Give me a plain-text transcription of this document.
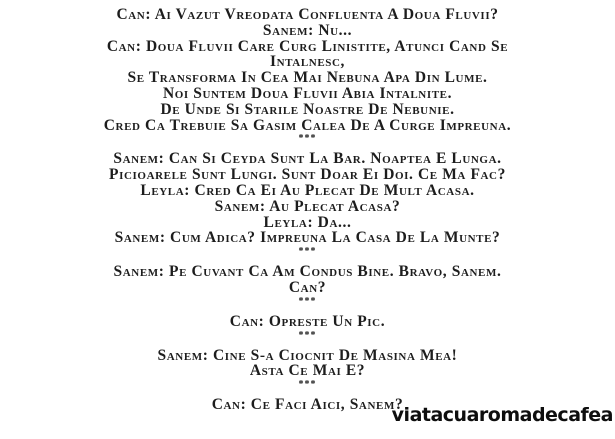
Can: Ai Vazut Vreodata Confluenta A Doua Fluvii?
Sanem: Nu...
Can: Doua Fluvii Care Curg Linistite, Atunci Cand Se
Intalnesc,
Se Transforma In Cea Mai Nebuna Apa Din Lume.
Noi Suntem Doua Fluvii Abia Intalnite.
De Unde Si Starile Noastre De Nebunie.
Cred Ca Trebuie Sa Gasim Calea De A Curge Impreuna.
***
Sanem: Can Si Ceyda Sunt La Bar. Noaptea E Lunga.
Picioarele Sunt Lungi. Sunt Doar Ei Doi. Ce Ma Fac?
Leyla: Cred Ca Ei Au Plecat De Mult Acasa.
Sanem: Au Plecat Acasa?
Leyla: Da...
Sanem: Cum Adica? Impreuna La Casa De La Munte?
***
Sanem: Pe Cuvant Ca Am Condus Bine. Bravo, Sanem.
Can?
***
Can: Opreste Un Pic.
***
Sanem: Cine S-a Ciocnit De Masina Mea!
Asta Ce Mai E?
***
Can: Ce Faci Aici, Sanem?
viatacuaromadecafea
